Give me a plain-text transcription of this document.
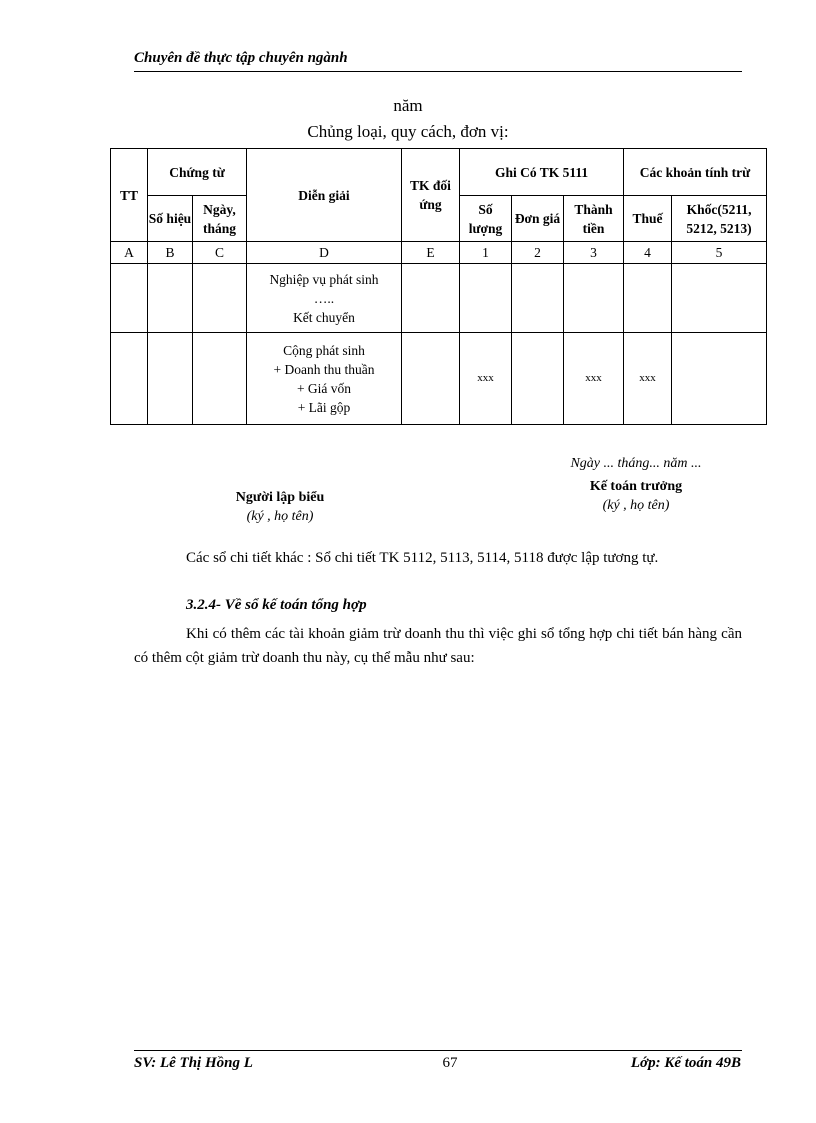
Chuyên đề thực tập chuyên ngành
năm
Chủng loại, quy cách, đơn vị:
TT	Chứng từ		Diễn giải	TK đối ứng	Ghi Có TK 5111			Các khoản tính trừ	
	Số hiệu	Ngày, tháng			Số lượng	Đơn giá	Thành tiền	Thuế	Khốc(5211, 5212, 5213)
A	B	C	D	E	1	2	3	4	5

			Nghiệp vụ phát sinh
…..
Kết chuyển						

			Cộng phát sinh
+ Doanh thu thuần
+ Giá vốn
+ Lãi gộp		xxx		xxx	xxx	
Ngày ... tháng... năm ...
Người lập biểu
(ký , họ tên)
Kế toán trưởng
(ký , họ tên)
Các sổ chi tiết khác : Sổ chi tiết TK 5112, 5113, 5114, 5118 được lập tương tự.
3.2.4- Về sổ kế toán tổng hợp
Khi có thêm các tài khoản giảm trừ doanh thu thì việc ghi sổ tổng hợp chi tiết bán hàng cần có thêm cột giảm trừ doanh thu này, cụ thể mẫu như sau:
SV: Lê Thị Hồng L	67	Lớp: Kế toán 49B
